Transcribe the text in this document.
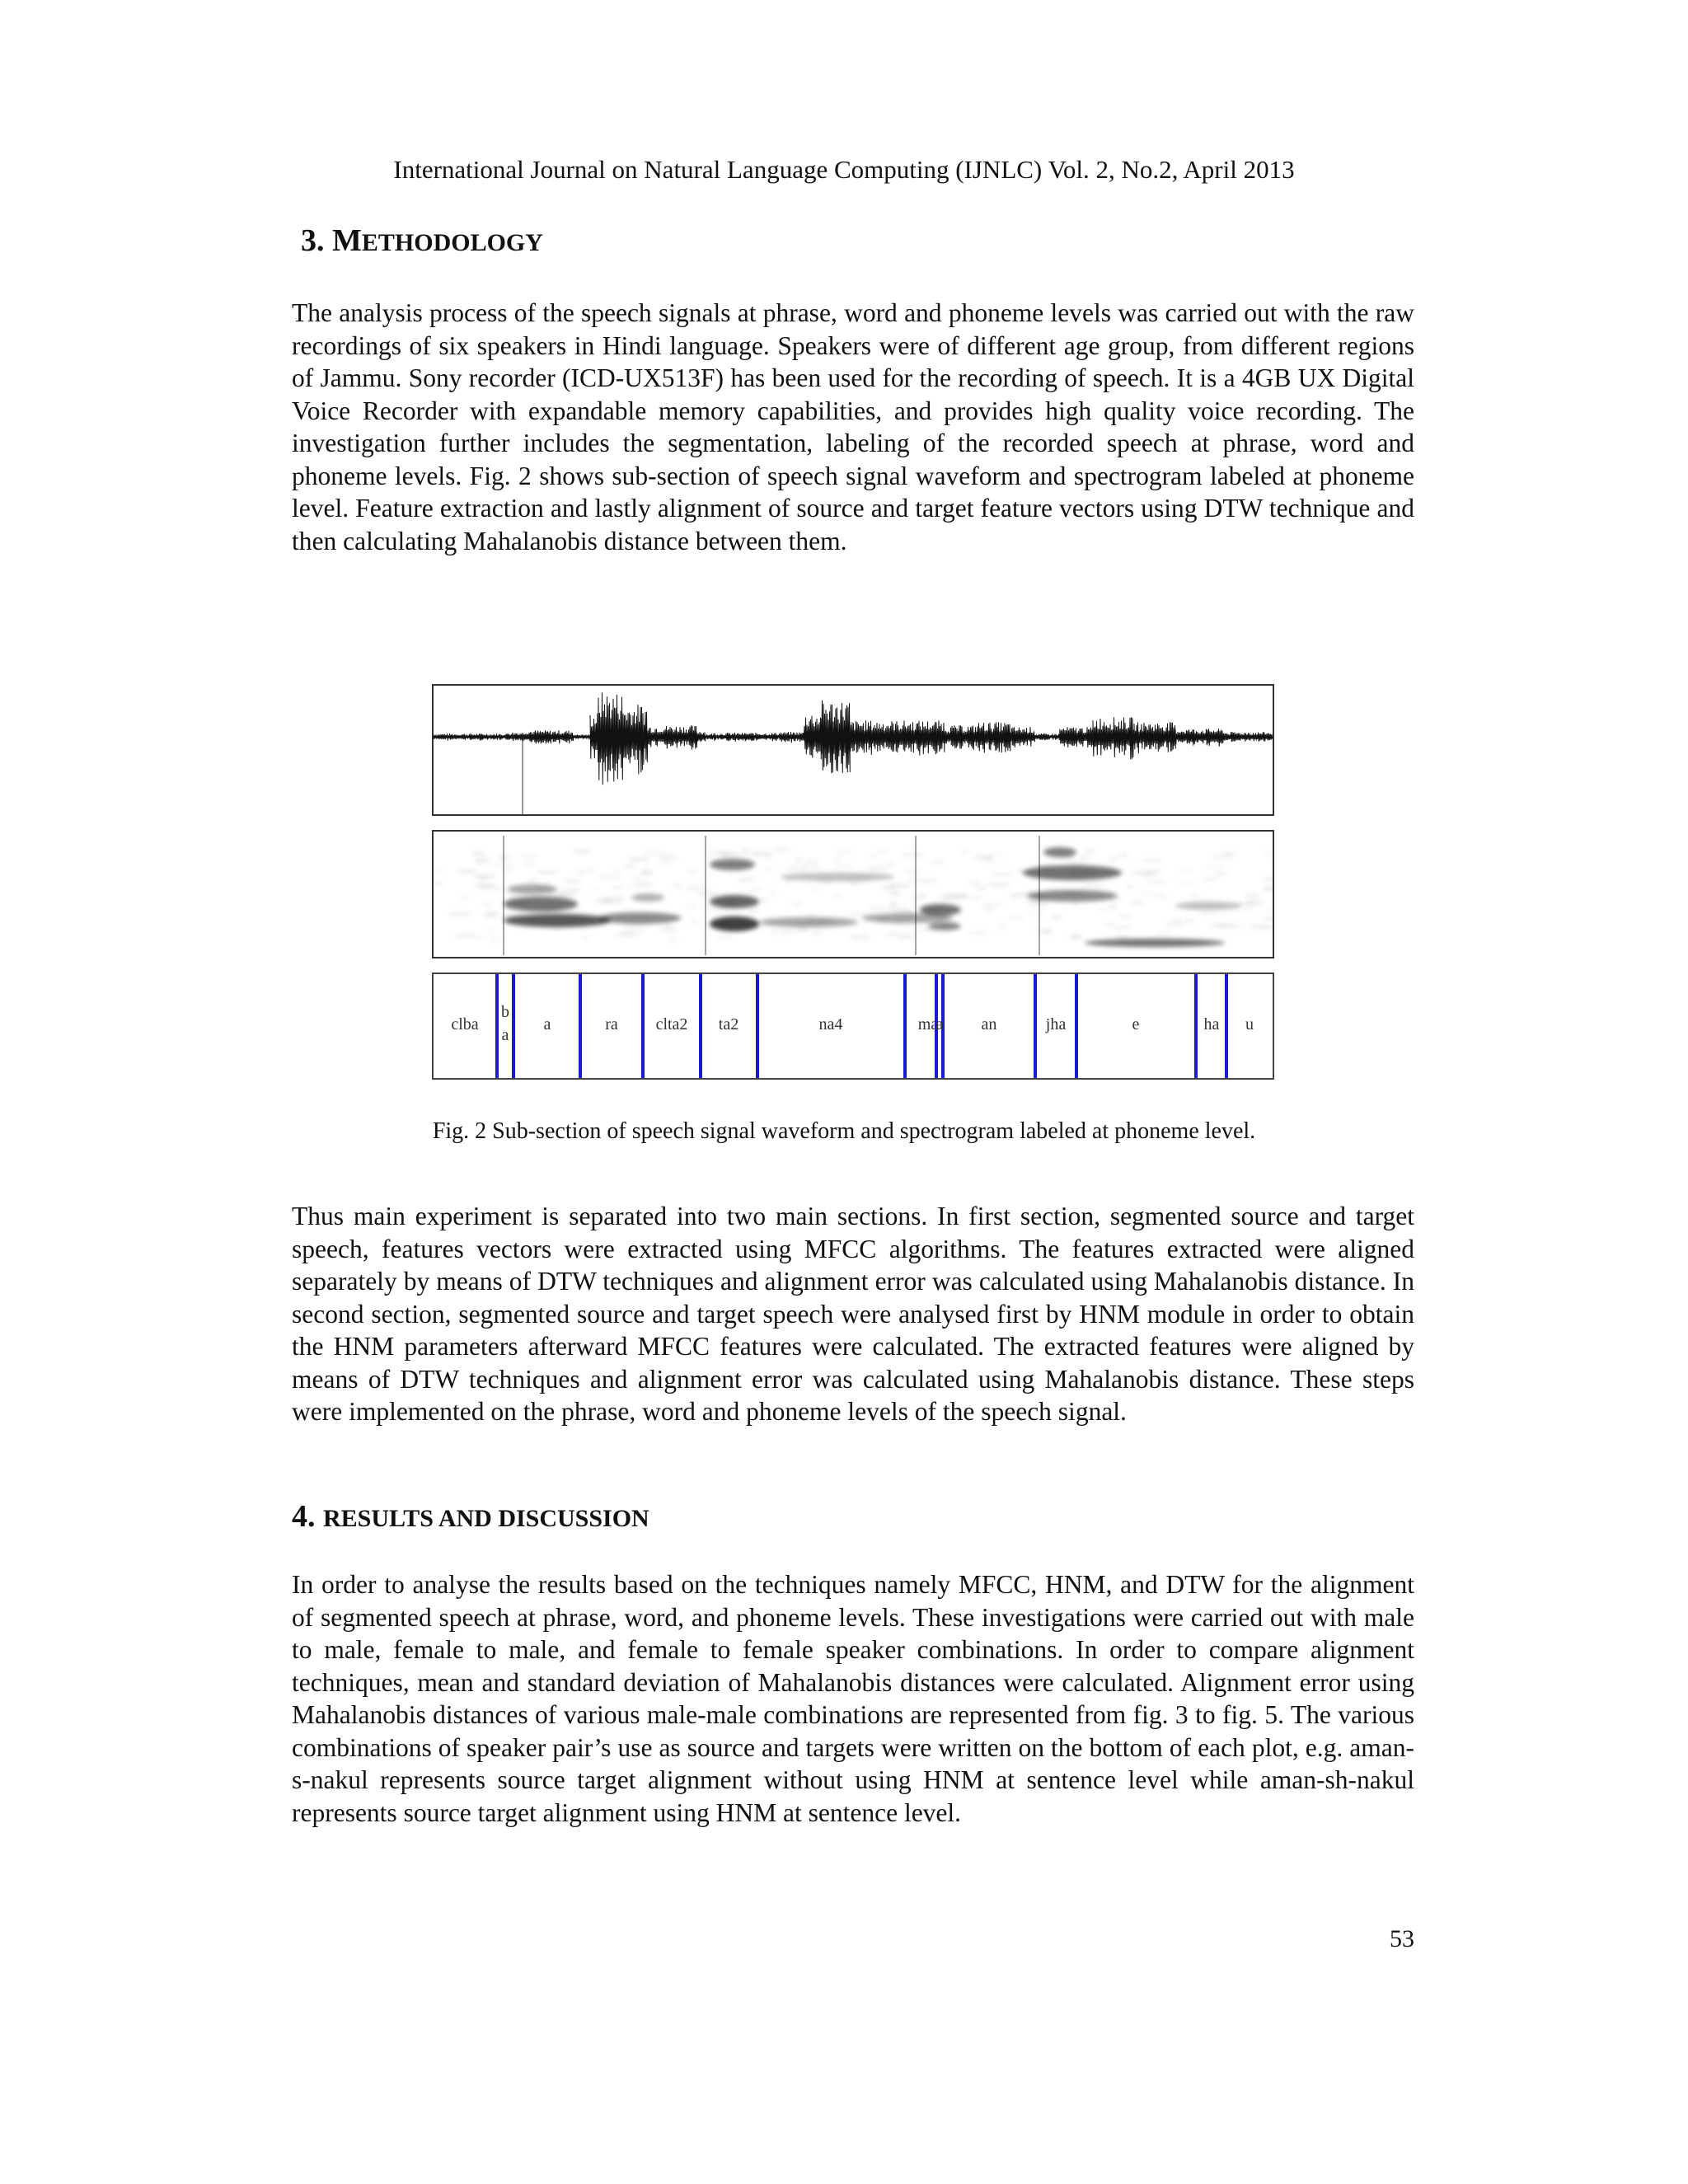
International Journal on Natural Language Computing (IJNLC) Vol. 2, No.2, April 2013
3. METHODOLOGY
The analysis process of the speech signals at phrase, word and phoneme levels was carried out with the raw recordings of six speakers in Hindi language. Speakers were of different age group, from different regions of Jammu. Sony recorder (ICD-UX513F) has been used for the recording of speech. It is a 4GB UX Digital Voice Recorder with expandable memory capabilities, and provides high quality voice recording. The investigation further includes the segmentation, labeling of the recorded speech at phrase, word and phoneme levels. Fig. 2 shows sub-section of speech signal waveform and spectrogram labeled at phoneme level. Feature extraction and lastly alignment of source and target feature vectors using DTW technique and then calculating Mahalanobis distance between them.
clba
b
a
a	ra clta2 ta2	na4	ma
a an	jha	e	ha u
Fig. 2 Sub-section of speech signal waveform and spectrogram labeled at phoneme level.
Thus main experiment is separated into two main sections. In first section, segmented source and target speech, features vectors were extracted using MFCC algorithms. The features extracted were aligned separately by means of DTW techniques and alignment error was calculated using Mahalanobis distance. In second section, segmented source and target speech were analysed first by HNM module in order to obtain the HNM parameters afterward MFCC features were calculated. The extracted features were aligned by means of DTW techniques and alignment error was calculated using Mahalanobis distance. These steps were implemented on the phrase, word and phoneme levels of the speech signal.
4. RESULTS AND DISCUSSION
In order to analyse the results based on the techniques namely MFCC, HNM, and DTW for the alignment of segmented speech at phrase, word, and phoneme levels. These investigations were carried out with male to male, female to male, and female to female speaker combinations. In order to compare alignment techniques, mean and standard deviation of Mahalanobis distances were calculated. Alignment error using Mahalanobis distances of various male-male combinations are represented from fig. 3 to fig. 5. The various combinations of speaker pair’s use as source and targets were written on the bottom of each plot, e.g. aman-s-nakul represents source target alignment without using HNM at sentence level while aman-sh-nakul represents source target alignment using HNM at sentence level.
53
